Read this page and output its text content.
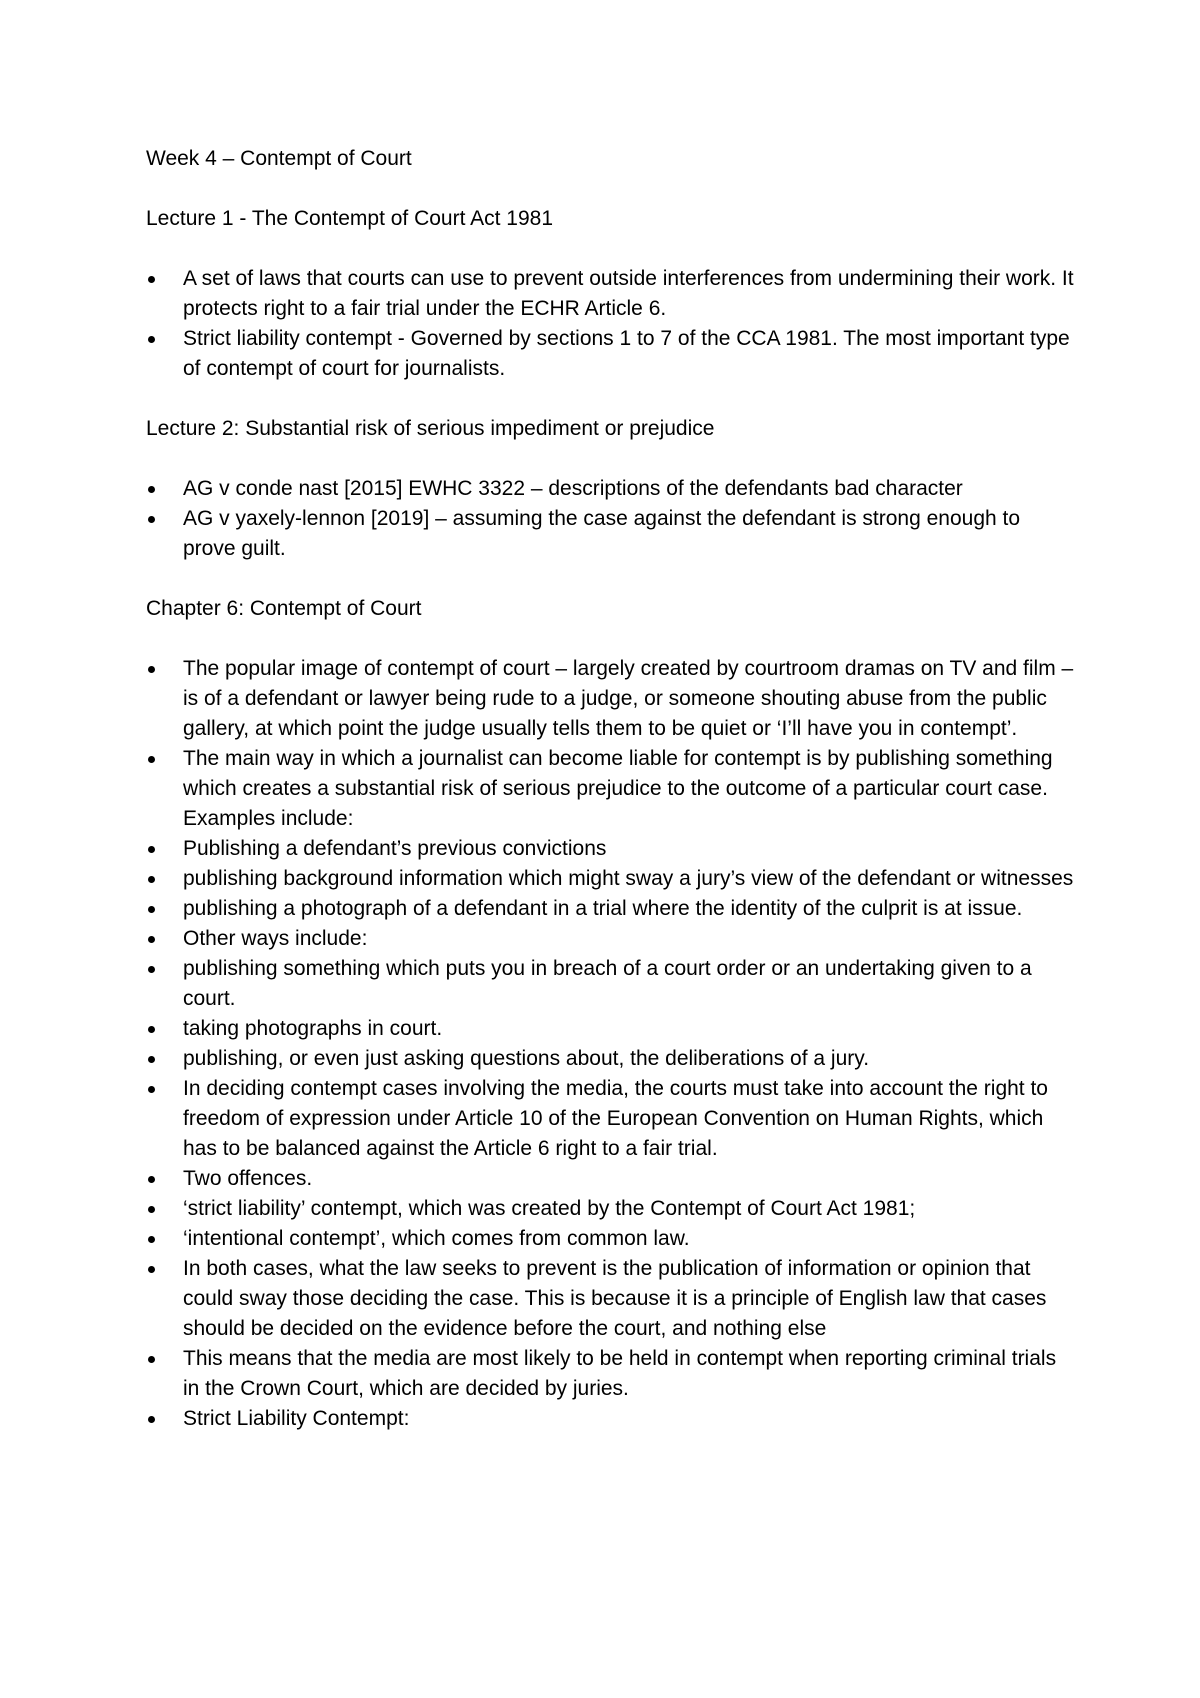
Week 4 – Contempt of Court

Lecture 1 - The Contempt of Court Act 1981

A set of laws that courts can use to prevent outside interferences from undermining their work. It protects right to a fair trial under the ECHR Article 6.
Strict liability contempt - Governed by sections 1 to 7 of the CCA 1981. The most important type of contempt of court for journalists.

Lecture 2: Substantial risk of serious impediment or prejudice

AG v conde nast [2015] EWHC 3322 – descriptions of the defendants bad character
AG v yaxely-lennon [2019] – assuming the case against the defendant is strong enough to prove guilt.

Chapter 6: Contempt of Court

The popular image of contempt of court – largely created by courtroom dramas on TV and film – is of a defendant or lawyer being rude to a judge, or someone shouting abuse from the public gallery, at which point the judge usually tells them to be quiet or ‘I’ll have you in contempt’.
The main way in which a journalist can become liable for contempt is by publishing something which creates a substantial risk of serious prejudice to the outcome of a particular court case. Examples include:
Publishing a defendant’s previous convictions
publishing background information which might sway a jury’s view of the defendant or witnesses
publishing a photograph of a defendant in a trial where the identity of the culprit is at issue.
Other ways include:
publishing something which puts you in breach of a court order or an undertaking given to a court.
taking photographs in court.
publishing, or even just asking questions about, the deliberations of a jury.
In deciding contempt cases involving the media, the courts must take into account the right to freedom of expression under Article 10 of the European Convention on Human Rights, which has to be balanced against the Article 6 right to a fair trial.
Two offences.
‘strict liability’ contempt, which was created by the Contempt of Court Act 1981;
‘intentional contempt’, which comes from common law.
In both cases, what the law seeks to prevent is the publication of information or opinion that could sway those deciding the case. This is because it is a principle of English law that cases should be decided on the evidence before the court, and nothing else
This means that the media are most likely to be held in contempt when reporting criminal trials in the Crown Court, which are decided by juries.
Strict Liability Contempt:
